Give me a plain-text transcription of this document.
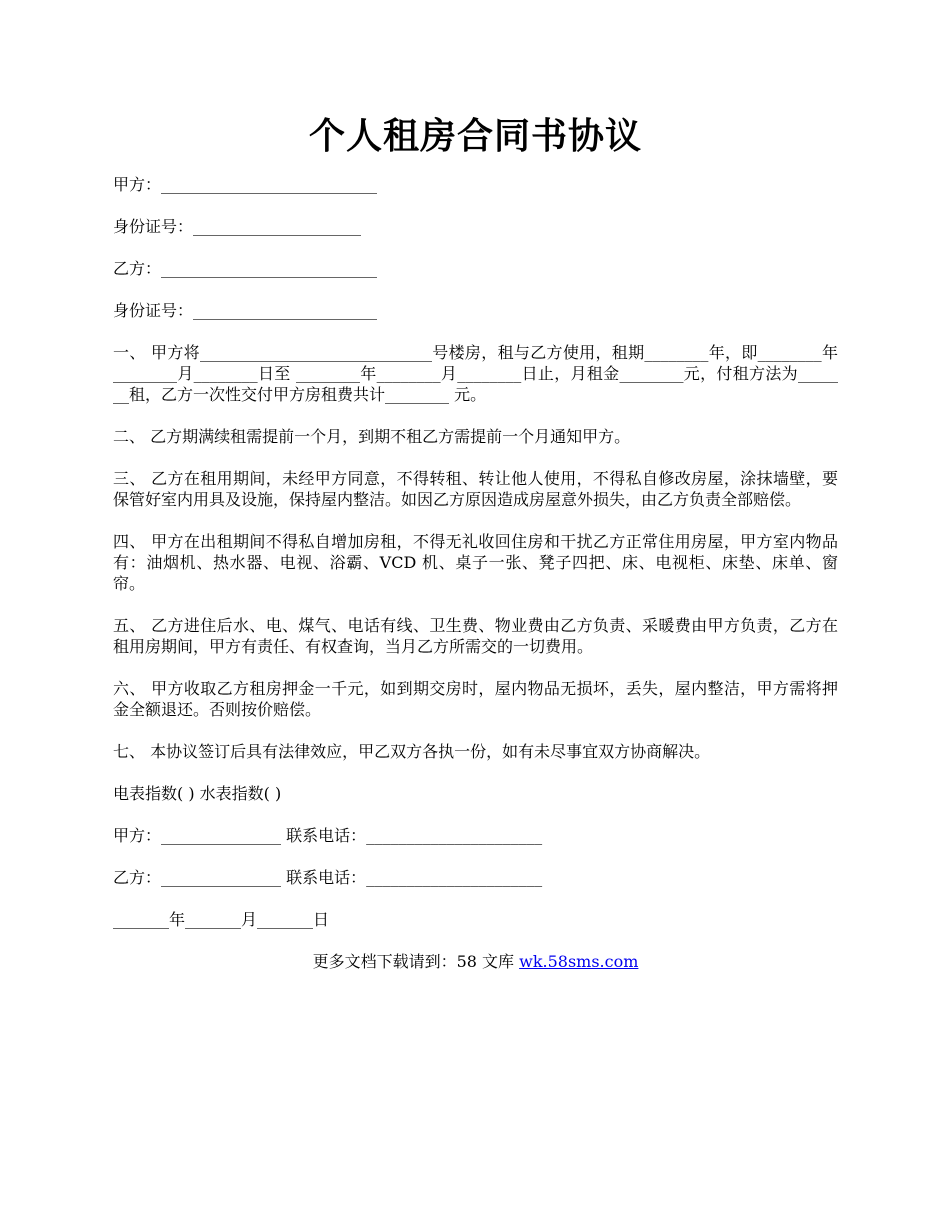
个人租房合同书协议

甲方：___________________________

身份证号：_____________________

乙方：___________________________

身份证号：_______________________

一、 甲方将_____________________________号楼房，租与乙方使用，租期________年，即________年________月________日至 ________年________月________日止，月租金________元，付租方法为_______租，乙方一次性交付甲方房租费共计________ 元。

二、 乙方期满续租需提前一个月，到期不租乙方需提前一个月通知甲方。

三、 乙方在租用期间，未经甲方同意，不得转租、转让他人使用，不得私自修改房屋，涂抹墙壁，要保管好室内用具及设施，保持屋内整洁。如因乙方原因造成房屋意外损失，由乙方负责全部赔偿。

四、 甲方在出租期间不得私自增加房租，不得无礼收回住房和干扰乙方正常住用房屋，甲方室内物品有：油烟机、热水器、电视、浴霸、VCD 机、桌子一张、凳子四把、床、电视柜、床垫、床单、窗帘。

五、 乙方进住后水、电、煤气、电话有线、卫生费、物业费由乙方负责、采暖费由甲方负责，乙方在租用房期间，甲方有责任、有权查询，当月乙方所需交的一切费用。

六、 甲方收取乙方租房押金一千元，如到期交房时，屋内物品无损坏，丢失，屋内整洁，甲方需将押金全额退还。否则按价赔偿。

七、 本协议签订后具有法律效应，甲乙双方各执一份，如有未尽事宜双方协商解决。

电表指数( ) 水表指数( )

甲方：_______________ 联系电话：______________________

乙方：_______________ 联系电话：______________________

_______年_______月_______日

更多文档下载请到：58 文库 wk.58sms.com
